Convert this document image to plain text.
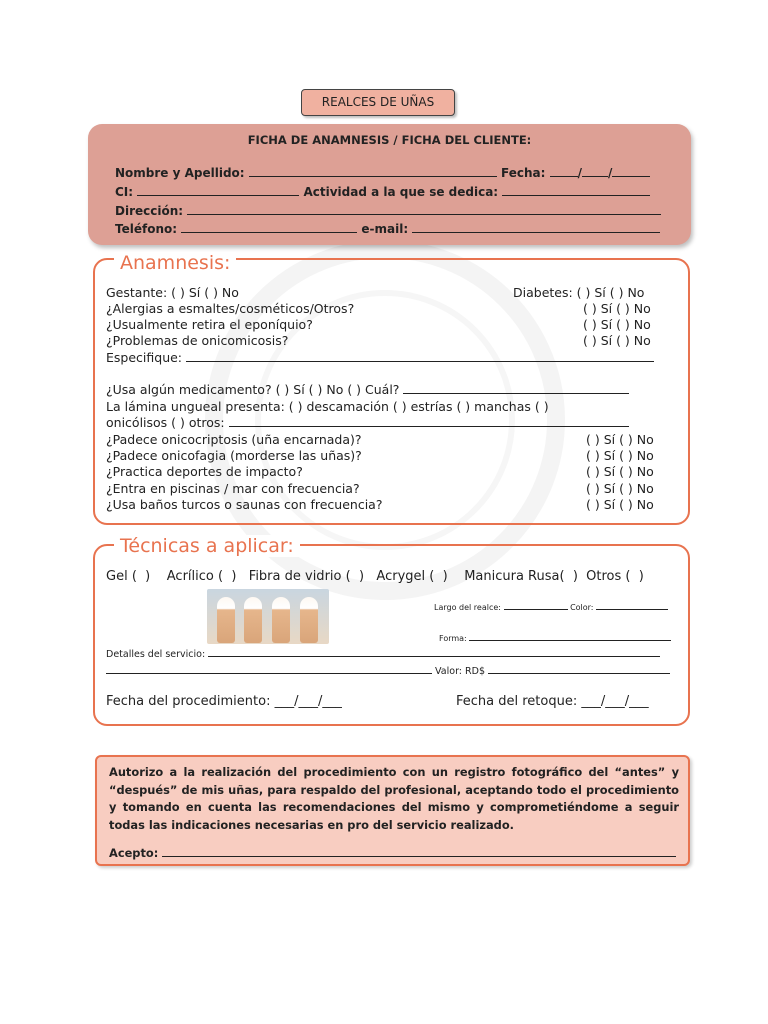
REALCES DE UÑAS
FICHA DE ANAMNESIS / FICHA DEL CLIENTE:
Nombre y Apellido:	Fecha:	/ /
CI:	Actividad a la que se dedica:
Dirección:
Teléfono:	e-mail:
Anamnesis:
Gestante: ( ) Sí ( ) No	Diabetes: ( ) Sí ( ) No
¿Alergias a esmaltes/cosméticos/Otros?	( ) Sí ( ) No
¿Usualmente retira el eponíquio?	( ) Sí ( ) No
¿Problemas de onicomicosis?	( ) Sí ( ) No
Especifique:
¿Usa algún medicamento? ( ) Sí ( ) No ( ) Cuál?
La lámina ungueal presenta: ( ) descamación ( ) estrías ( ) manchas ( )
onicólisos ( ) otros:
¿Padece onicocriptosis (uña encarnada)?	( ) Sí ( ) No
¿Padece onicofagia (morderse las uñas)?	( ) Sí ( ) No
¿Practica deportes de impacto?	( ) Sí ( ) No
¿Entra en piscinas / mar con frecuencia?	( ) Sí ( ) No
¿Usa baños turcos o saunas con frecuencia?	( ) Sí ( ) No
Técnicas a aplicar:
Gel (  )    Acrílico (  )   Fibra de vidrio (  )   Acrygel (  )    Manicura Rusa(  )  Otros (  )
Largo del realce:	Color:
Forma:
Detalles del servicio:
Valor: RD$
Fecha del procedimiento: ___/___/___	Fecha del retoque: ___/___/___
Autorizo a la realización del procedimiento con un registro fotográfico del “antes” y “después” de mis uñas, para respaldo del profesional, aceptando todo el procedimiento y tomando en cuenta las recomendaciones del mismo y comprometiéndome a seguir todas las indicaciones necesarias en pro del servicio realizado.
Acepto:
